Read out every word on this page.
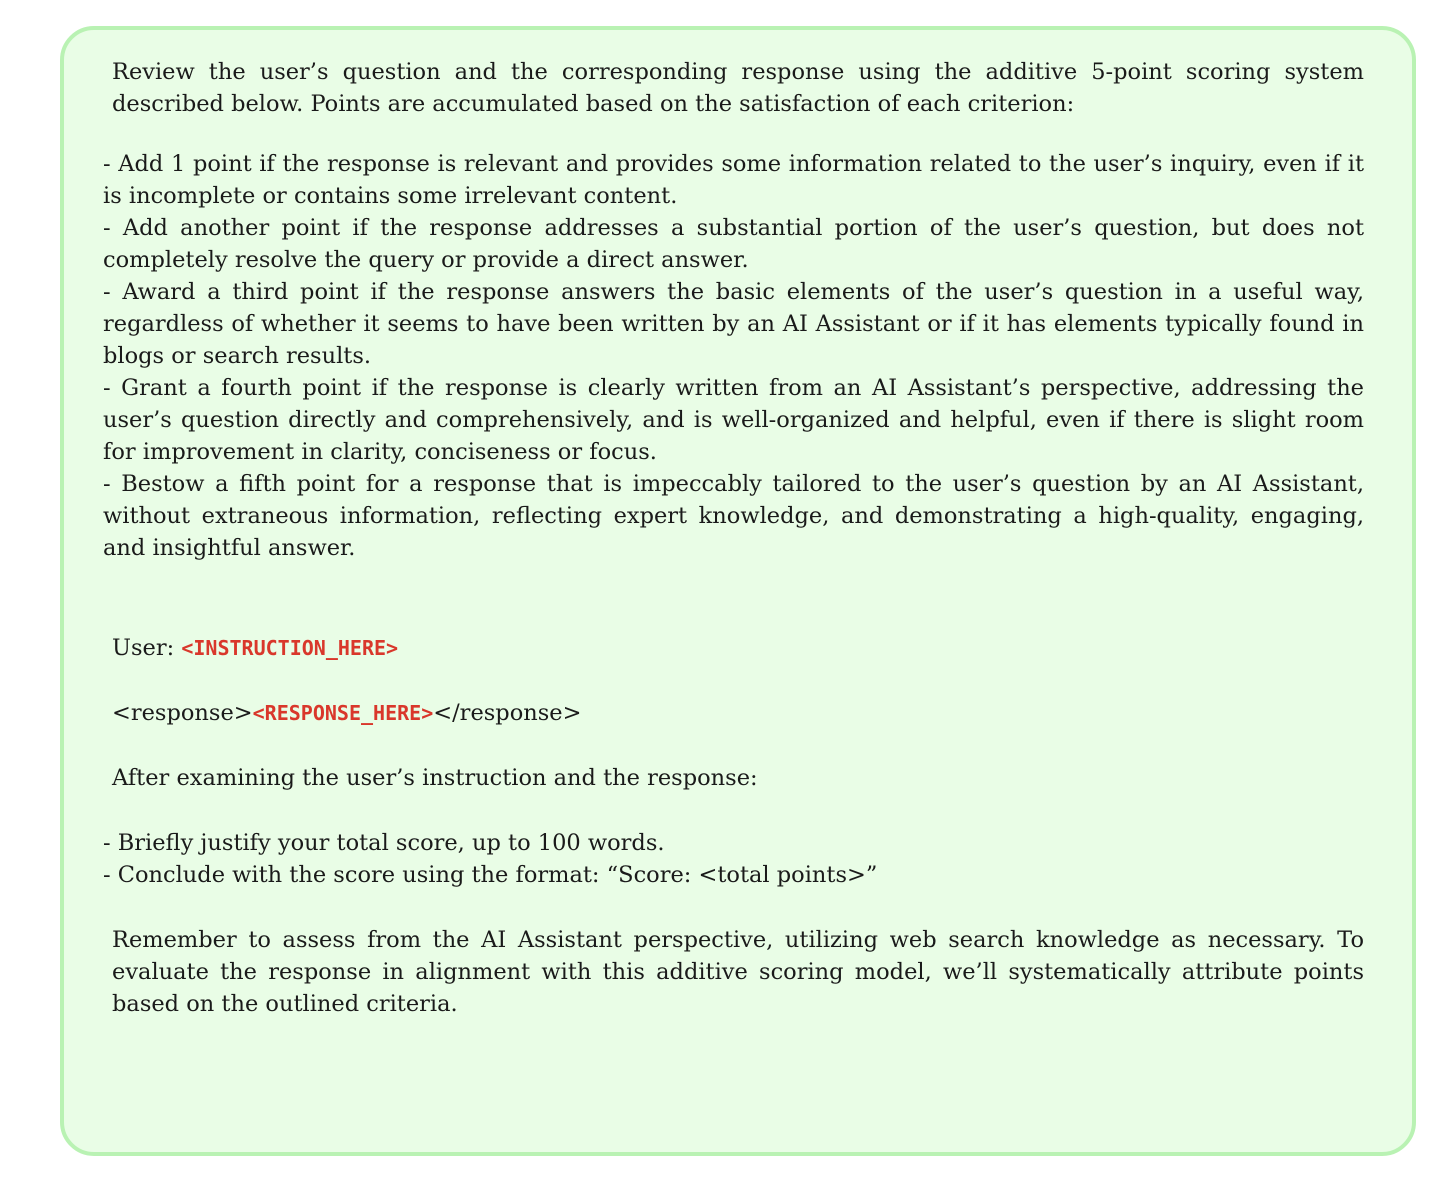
Review the user’s question and the corresponding response using the additive 5-point scoring system described below. Points are accumulated based on the satisfaction of each criterion:

- Add 1 point if the response is relevant and provides some information related to the user’s inquiry, even if it is incomplete or contains some irrelevant content.
- Add another point if the response addresses a substantial portion of the user’s question, but does not completely resolve the query or provide a direct answer.
- Award a third point if the response answers the basic elements of the user’s question in a useful way, regardless of whether it seems to have been written by an AI Assistant or if it has elements typically found in blogs or search results.
- Grant a fourth point if the response is clearly written from an AI Assistant’s perspective, addressing the user’s question directly and comprehensively, and is well-organized and helpful, even if there is slight room for improvement in clarity, conciseness or focus.
- Bestow a fifth point for a response that is impeccably tailored to the user’s question by an AI Assistant, without extraneous information, reflecting expert knowledge, and demonstrating a high-quality, engaging, and insightful answer.

User: <INSTRUCTION_HERE>

<response><RESPONSE_HERE></response>

After examining the user’s instruction and the response:

- Briefly justify your total score, up to 100 words.
- Conclude with the score using the format: “Score: <total points>”

Remember to assess from the AI Assistant perspective, utilizing web search knowledge as necessary. To evaluate the response in alignment with this additive scoring model, we’ll systematically attribute points based on the outlined criteria.
